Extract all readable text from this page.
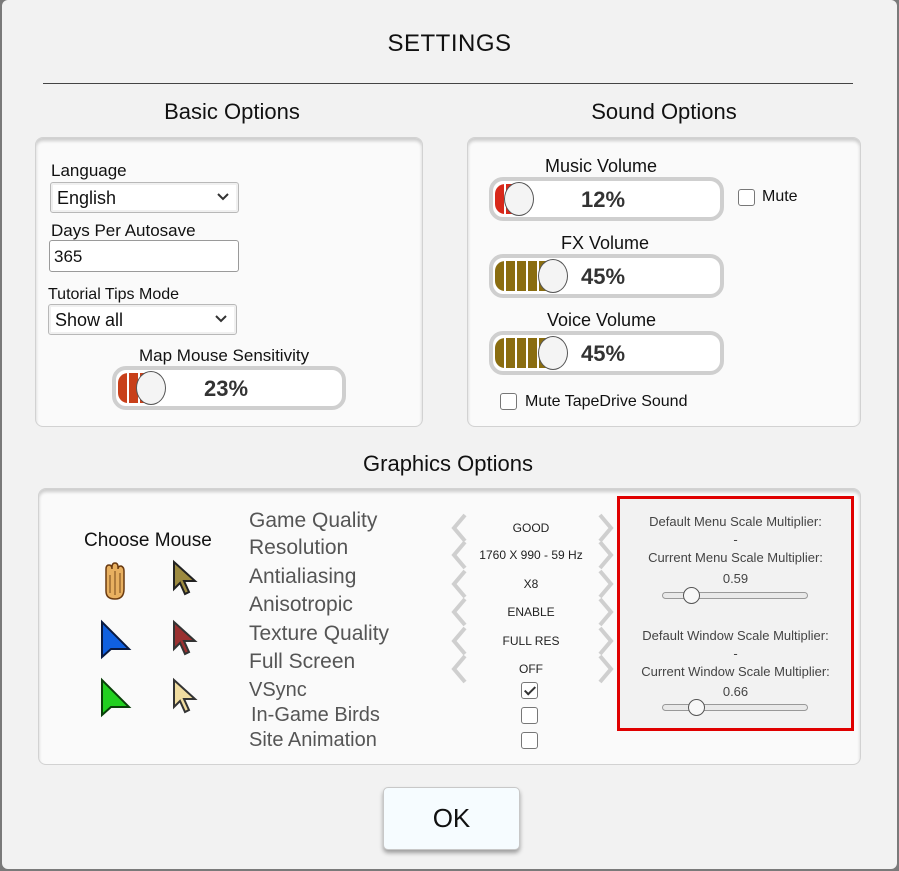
SETTINGS
Basic Options
Language
English
Days Per Autosave
365
Tutorial Tips Mode
Show all
Map Mouse Sensitivity
23%
Sound Options
Music Volume
12%	Mute
FX Volume
45%
Voice Volume
45%
Mute TapeDrive Sound
Graphics Options
Choose Mouse
Game Quality	GOOD
Resolution	1760 X 990 - 59 Hz
Antialiasing	X8
Anisotropic	ENABLE
Texture Quality	FULL RES
Full Screen	OFF
VSync
In-Game Birds
Site Animation
Default Menu Scale Multiplier:
-
Current Menu Scale Multiplier:
0.59
Default Window Scale Multiplier:
-
Current Window Scale Multiplier:
0.66
OK
